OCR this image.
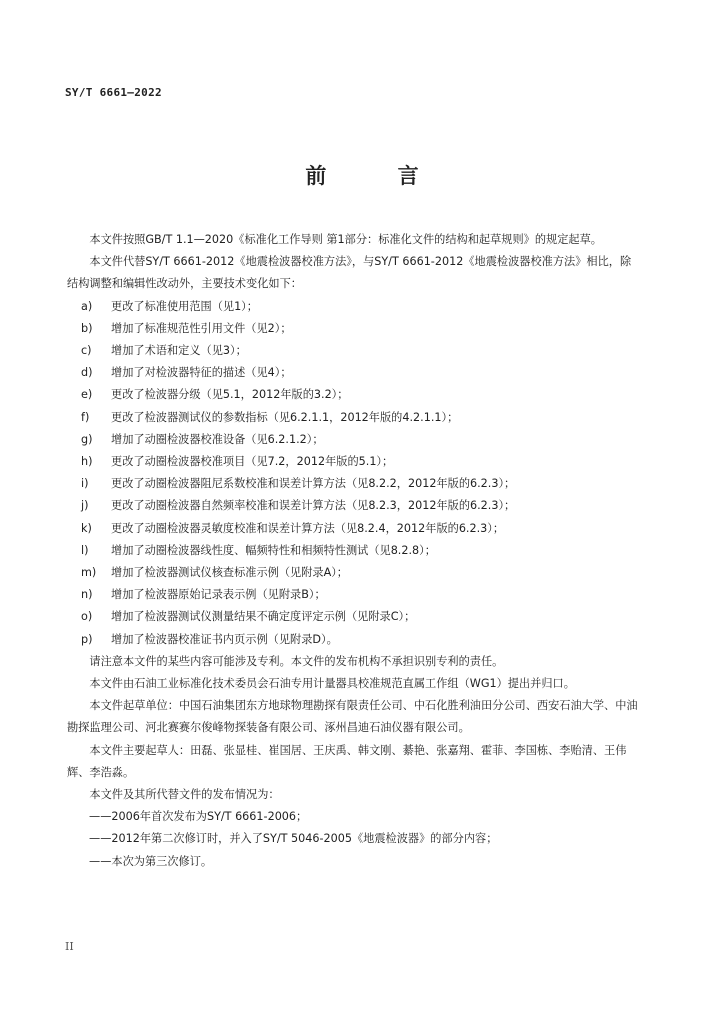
SY/T 6661—2022
前 言

本文件按照GB/T 1.1—2020《标准化工作导则 第1部分：标准化文件的结构和起草规则》的规定起草。

本文件代替SY/T 6661-2012《地震检波器校准方法》，与SY/T 6661-2012《地震检波器校准方法》相比，除结构调整和编辑性改动外，主要技术变化如下：

a) 更改了标准使用范围（见1）；
b) 增加了标准规范性引用文件（见2）；
c) 增加了术语和定义（见3）；
d) 增加了对检波器特征的描述（见4）；
e) 更改了检波器分级（见5.1，2012年版的3.2）；
f) 更改了检波器测试仪的参数指标（见6.2.1.1，2012年版的4.2.1.1）；
g) 增加了动圈检波器校准设备（见6.2.1.2）；
h) 更改了动圈检波器校准项目（见7.2，2012年版的5.1）；
i) 更改了动圈检波器阻尼系数校准和误差计算方法（见8.2.2，2012年版的6.2.3）；
j) 更改了动圈检波器自然频率校准和误差计算方法（见8.2.3，2012年版的6.2.3）；
k) 更改了动圈检波器灵敏度校准和误差计算方法（见8.2.4，2012年版的6.2.3）；
l) 增加了动圈检波器线性度、幅频特性和相频特性测试（见8.2.8）；
m) 增加了检波器测试仪核查标准示例（见附录A）；
n) 增加了检波器原始记录表示例（见附录B）；
o) 增加了检波器测试仪测量结果不确定度评定示例（见附录C）；
p) 增加了检波器校准证书内页示例（见附录D）。

请注意本文件的某些内容可能涉及专利。本文件的发布机构不承担识别专利的责任。

本文件由石油工业标准化技术委员会石油专用计量器具校准规范直属工作组（WG1）提出并归口。

本文件起草单位：中国石油集团东方地球物理勘探有限责任公司、中石化胜利油田分公司、西安石油大学、中油勘探监理公司、河北赛赛尔俊峰物探装备有限公司、涿州昌迪石油仪器有限公司。

本文件主要起草人：田磊、张显桂、崔国居、王庆禹、韩文刚、綦艳、张嘉翔、霍菲、李国栋、李贻清、王伟辉、李浩淼。

本文件及其所代替文件的发布情况为：

——2006年首次发布为SY/T 6661-2006；

——2012年第二次修订时，并入了SY/T 5046-2005《地震检波器》的部分内容；

——本次为第三次修订。

II
